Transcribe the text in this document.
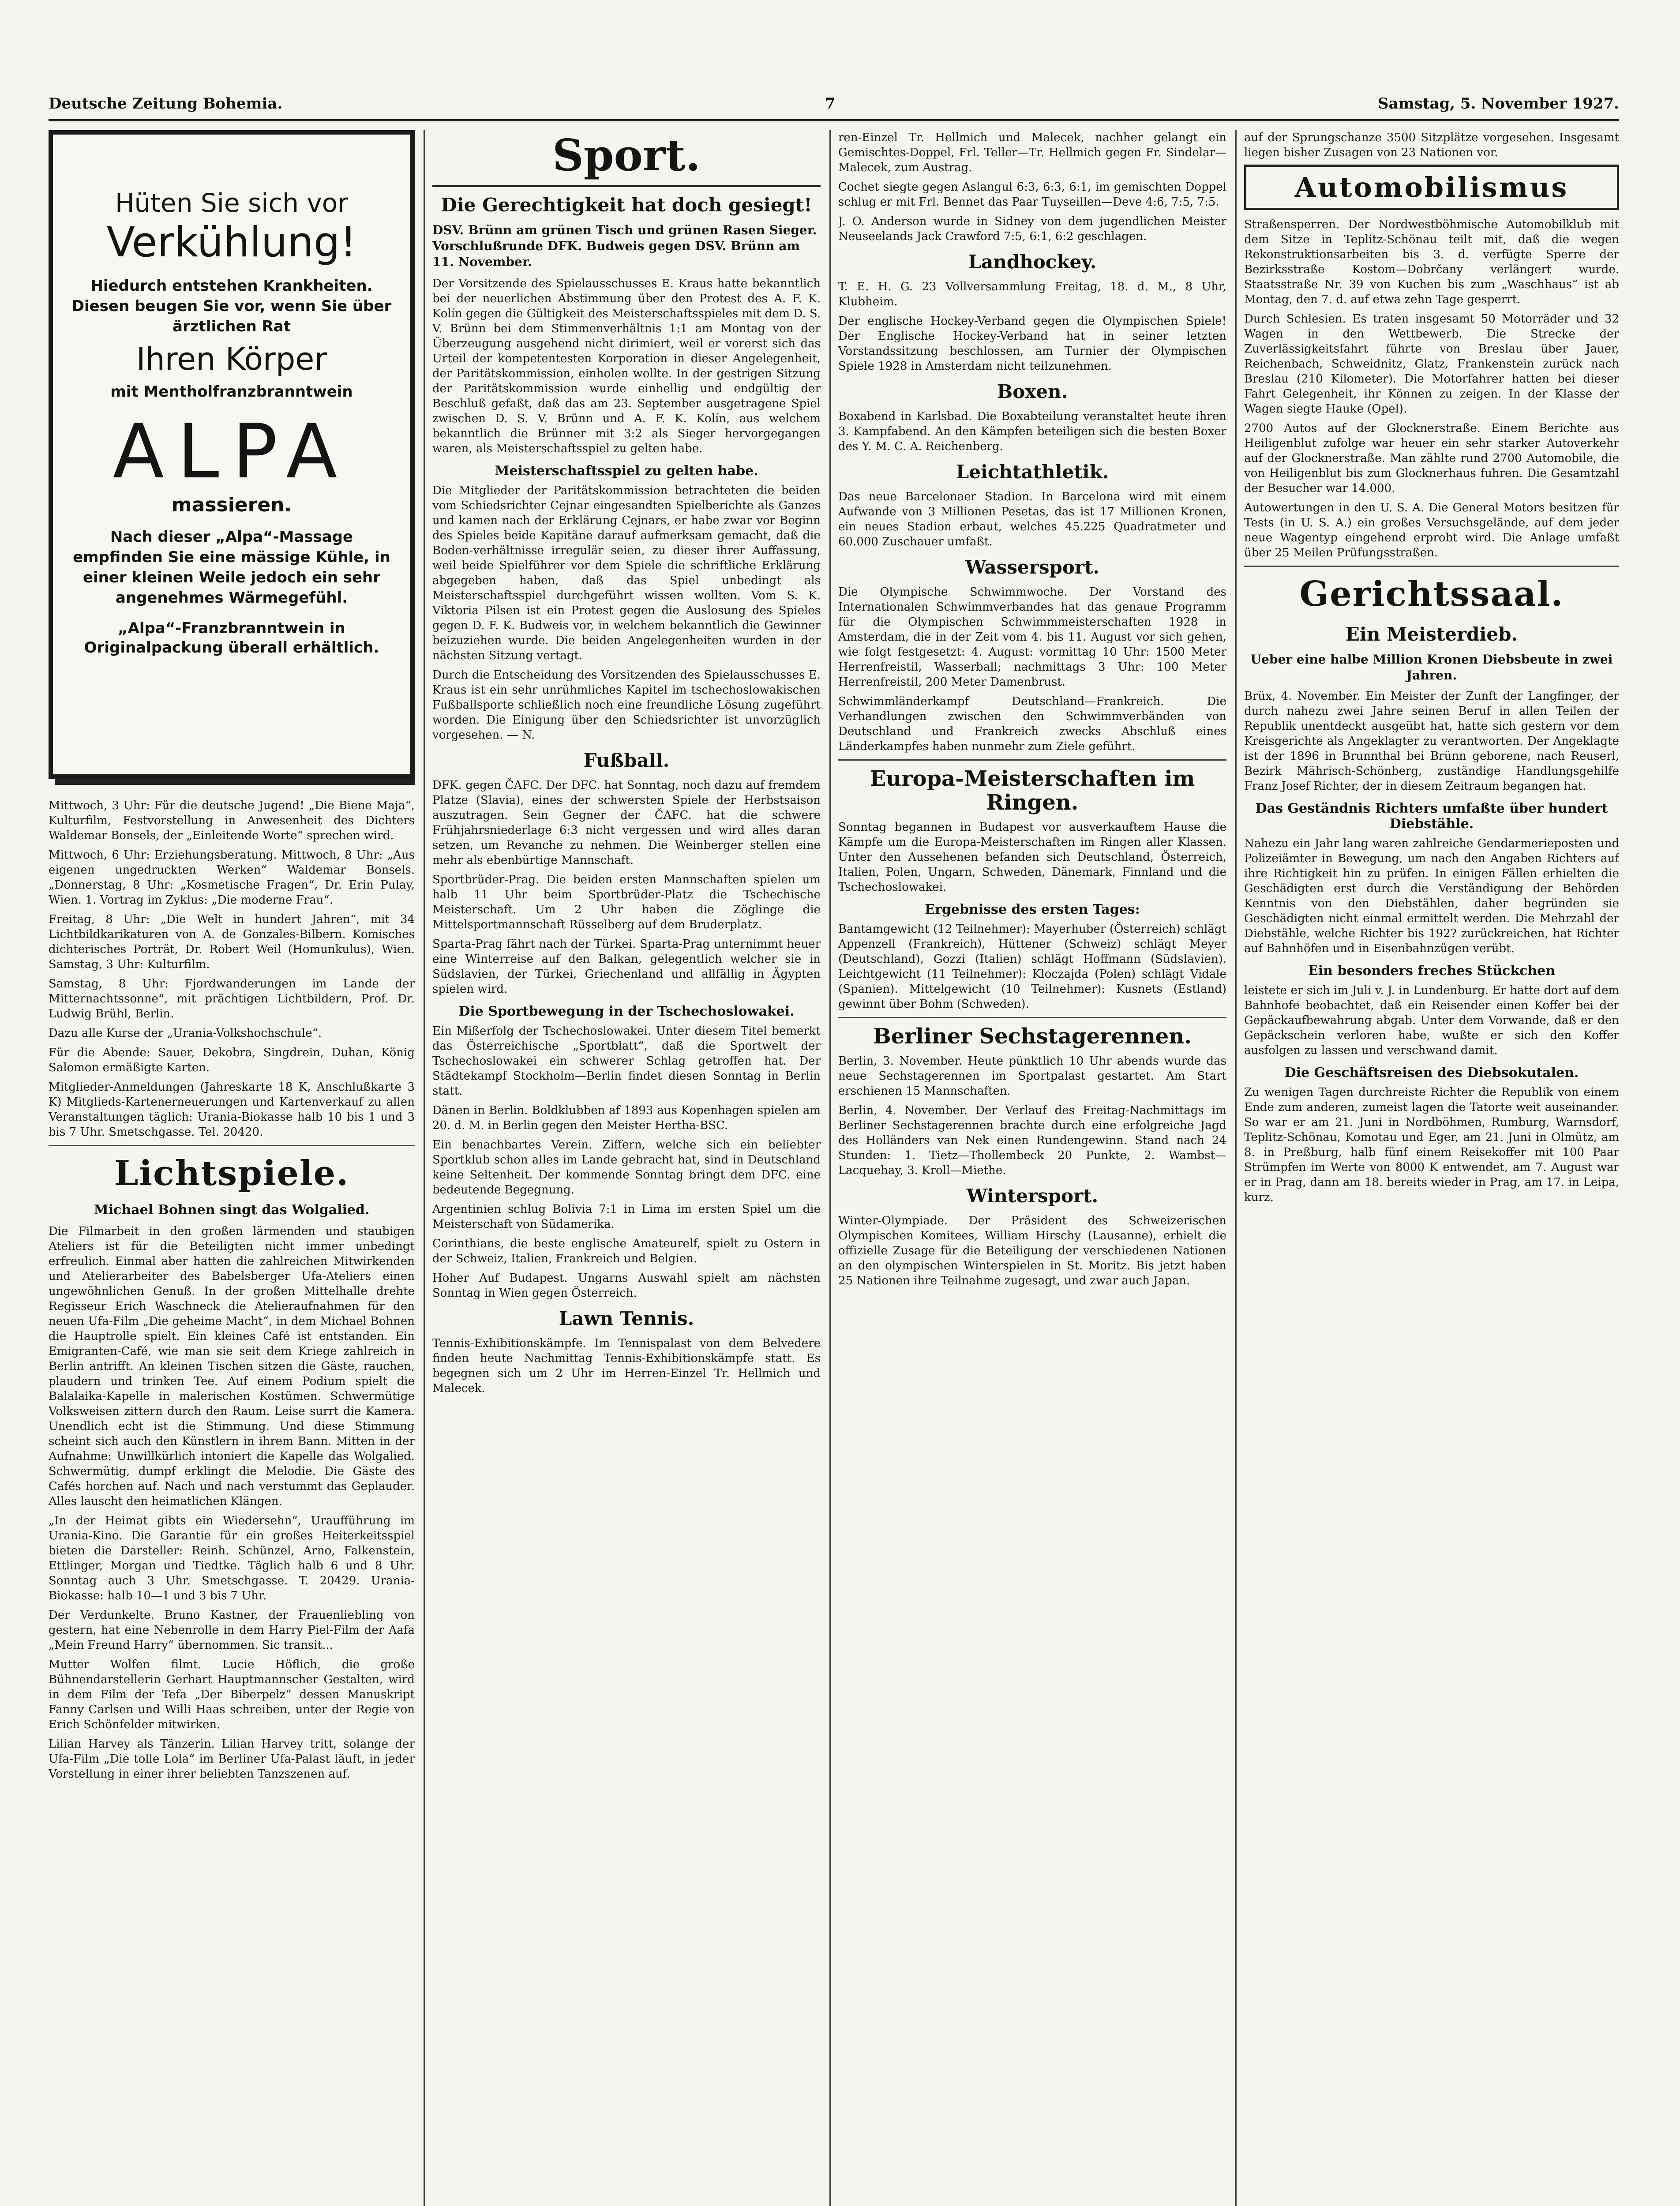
Deutsche Zeitung Bohemia.	7	Samstag, 5. November 1927.
Hüten Sie sich vor
Verkühlung!
Hiedurch entstehen Krankheiten. Diesen beugen Sie vor, wenn Sie über ärztlichen Rat
Ihren Körper
mit Mentholfranzbranntwein
ALPA
massieren.
Nach dieser „Alpa“-Massage empfinden Sie eine mässige Kühle, in einer kleinen Weile jedoch ein sehr angenehmes Wärmegefühl.
„Alpa“-Franzbranntwein in Originalpackung überall erhältlich.

Mittwoch, 3 Uhr: Für die deutsche Jugend! „Die Biene Maja“, Kulturfilm, Festvorstellung in Anwesenheit des Dichters Waldemar Bonsels, der „Einleitende Worte“ sprechen wird.

Mittwoch, 6 Uhr: Erziehungsberatung. Mittwoch, 8 Uhr: „Aus eigenen ungedruckten Werken“ Waldemar Bonsels. „Donnerstag, 8 Uhr: „Kosmetische Fragen“, Dr. Erin Pulay, Wien. 1. Vortrag im Zyklus: „Die moderne Frau“.

Freitag, 8 Uhr: „Die Welt in hundert Jahren“, mit 34 Lichtbildkarikaturen von A. de Gonzales-Bilbern. Komisches dichterisches Porträt, Dr. Robert Weil (Homunkulus), Wien. Samstag, 3 Uhr: Kulturfilm.

Samstag, 8 Uhr: Fjordwanderungen im Lande der Mitternachtssonne“, mit prächtigen Lichtbildern, Prof. Dr. Ludwig Brühl, Berlin.

Dazu alle Kurse der „Urania-Volkshochschule“.

Für die Abende: Sauer, Dekobra, Singdrein, Duhan, König Salomon ermäßigte Karten.

Mitglieder-Anmeldungen (Jahreskarte 18 K, Anschlußkarte 3 K) Mitglieds-Kartenerneuerungen und Kartenverkauf zu allen Veranstaltungen täglich: Urania-Biokasse halb 10 bis 1 und 3 bis 7 Uhr. Smetschgasse. Tel. 20420.

Lichtspiele.
Michael Bohnen singt das Wolgalied.

Die Filmarbeit in den großen lärmenden und staubigen Ateliers ist für die Beteiligten nicht immer unbedingt erfreulich. Einmal aber hatten die zahlreichen Mitwirkenden und Atelierarbeiter des Babelsberger Ufa-Ateliers einen ungewöhnlichen Genuß. In der großen Mittelhalle drehte Regisseur Erich Waschneck die Atelieraufnahmen für den neuen Ufa-Film „Die geheime Macht“, in dem Michael Bohnen die Hauptrolle spielt. Ein kleines Café ist entstanden. Ein Emigranten-Café, wie man sie seit dem Kriege zahlreich in Berlin antrifft. An kleinen Tischen sitzen die Gäste, rauchen, plaudern und trinken Tee. Auf einem Podium spielt die Balalaika-Kapelle in malerischen Kostümen. Schwermütige Volksweisen zittern durch den Raum. Leise surrt die Kamera. Unendlich echt ist die Stimmung. Und diese Stimmung scheint sich auch den Künstlern in ihrem Bann. Mitten in der Aufnahme: Unwillkürlich intoniert die Kapelle das Wolgalied. Schwermütig, dumpf erklingt die Melodie. Die Gäste des Cafés horchen auf. Nach und nach verstummt das Geplauder. Alles lauscht den heimatlichen Klängen.

„In der Heimat gibts ein Wiedersehn“, Uraufführung im Urania-Kino. Die Garantie für ein großes Heiterkeitsspiel bieten die Darsteller: Reinh. Schünzel, Arno, Falkenstein, Ettlinger, Morgan und Tiedtke. Täglich halb 6 und 8 Uhr. Sonntag auch 3 Uhr. Smetschgasse. T. 20429. Urania-Biokasse: halb 10—1 und 3 bis 7 Uhr.

Der Verdunkelte. Bruno Kastner, der Frauenliebling von gestern, hat eine Nebenrolle in dem Harry Piel-Film der Aafa „Mein Freund Harry“ übernommen. Sic transit...

Mutter Wolfen filmt. Lucie Höflich, die große Bühnendarstellerin Gerhart Hauptmannscher Gestalten, wird in dem Film der Tefa „Der Biberpelz“ dessen Manuskript Fanny Carlsen und Willi Haas schreiben, unter der Regie von Erich Schönfelder mitwirken.

Lilian Harvey als Tänzerin. Lilian Harvey tritt, solange der Ufa-Film „Die tolle Lola“ im Berliner Ufa-Palast läuft, in jeder Vorstellung in einer ihrer beliebten Tanzszenen auf.

Sport.
Die Gerechtigkeit hat doch gesiegt!
DSV. Brünn am grünen Tisch und grünen Rasen Sieger. Vorschlußrunde DFK. Budweis gegen DSV. Brünn am 11. November.

Der Vorsitzende des Spielausschusses E. Kraus hatte bekanntlich bei der neuerlichen Abstimmung über den Protest des A. F. K. Kolín gegen die Gültigkeit des Meisterschaftsspieles mit dem D. S. V. Brünn bei dem Stimmenverhältnis 1:1 am Montag von der Überzeugung ausgehend nicht dirimiert, weil er vorerst sich das Urteil der kompetentesten Korporation in dieser Angelegenheit, der Paritätskommission, einholen wollte. In der gestrigen Sitzung der Paritätskommission wurde einhellig und endgültig der Beschluß gefaßt, daß das am 23. September ausgetragene Spiel zwischen D. S. V. Brünn und A. F. K. Kolín, aus welchem bekanntlich die Brünner mit 3:2 als Sieger hervorgegangen waren, als Meisterschaftsspiel zu gelten habe.

Meisterschaftsspiel zu gelten habe.

Die Mitglieder der Paritätskommission betrachteten die beiden vom Schiedsrichter Cejnar eingesandten Spielberichte als Ganzes und kamen nach der Erklärung Cejnars, er habe zwar vor Beginn des Spieles beide Kapitäne darauf aufmerksam gemacht, daß die Boden-verhältnisse irregulär seien, zu dieser ihrer Auffassung, weil beide Spielführer vor dem Spiele die schriftliche Erklärung abgegeben haben, daß das Spiel unbedingt als Meisterschaftsspiel durchgeführt wissen wollten. Vom S. K. Viktoria Pilsen ist ein Protest gegen die Auslosung des Spieles gegen D. F. K. Budweis vor, in welchem bekanntlich die Gewinner beizuziehen wurde. Die beiden Angelegenheiten wurden in der nächsten Sitzung vertagt.

Durch die Entscheidung des Vorsitzenden des Spielausschusses E. Kraus ist ein sehr unrühmliches Kapitel im tschechoslowakischen Fußballsporte schließlich noch eine freundliche Lösung zugeführt worden. Die Einigung über den Schiedsrichter ist unvorzüglich vorgesehen. — N.

Fußball.

DFK. gegen ČAFC. Der DFC. hat Sonntag, noch dazu auf fremdem Platze (Slavia), eines der schwersten Spiele der Herbstsaison auszutragen. Sein Gegner der ČAFC. hat die schwere Frühjahrsniederlage 6:3 nicht vergessen und wird alles daran setzen, um Revanche zu nehmen. Die Weinberger stellen eine mehr als ebenbürtige Mannschaft.

Sportbrüder-Prag. Die beiden ersten Mannschaften spielen um halb 11 Uhr beim Sportbrüder-Platz die Tschechische Meisterschaft. Um 2 Uhr haben die Zöglinge die Mittelsportmannschaft Rüsselberg auf dem Bruderplatz.

Sparta-Prag fährt nach der Türkei. Sparta-Prag unternimmt heuer eine Winterreise auf den Balkan, gelegentlich welcher sie in Südslavien, der Türkei, Griechenland und allfällig in Ägypten spielen wird.

Die Sportbewegung in der Tschechoslowakei.

Ein Mißerfolg der Tschechoslowakei. Unter diesem Titel bemerkt das Österreichische „Sportblatt“, daß die Sportwelt der Tschechoslowakei ein schwerer Schlag getroffen hat. Der Städtekampf Stockholm—Berlin findet diesen Sonntag in Berlin statt.

Dänen in Berlin. Boldklubben af 1893 aus Kopenhagen spielen am 20. d. M. in Berlin gegen den Meister Hertha-BSC.

Ein benachbartes Verein. Ziffern, welche sich ein beliebter Sportklub schon alles im Lande gebracht hat, sind in Deutschland keine Seltenheit. Der kommende Sonntag bringt dem DFC. eine bedeutende Begegnung.

Argentinien schlug Bolivia 7:1 in Lima im ersten Spiel um die Meisterschaft von Südamerika.

Corinthians, die beste englische Amateurelf, spielt zu Ostern in der Schweiz, Italien, Frankreich und Belgien.

Hoher Auf Budapest. Ungarns Auswahl spielt am nächsten Sonntag in Wien gegen Österreich.

Lawn Tennis.

Tennis-Exhibitionskämpfe. Im Tennispalast von dem Belvedere finden heute Nachmittag Tennis-Exhibitionskämpfe statt. Es begegnen sich um 2 Uhr im Herren-Einzel Tr. Hellmich und Malecek.

ren-Einzel Tr. Hellmich und Malecek, nachher gelangt ein Gemischtes-Doppel, Frl. Teller—Tr. Hellmich gegen Fr. Sindelar—Malecek, zum Austrag.

Cochet siegte gegen Aslangul 6:3, 6:3, 6:1, im gemischten Doppel schlug er mit Frl. Bennet das Paar Tuyseillen—Deve 4:6, 7:5, 7:5.

J. O. Anderson wurde in Sidney von dem jugendlichen Meister Neuseelands Jack Crawford 7:5, 6:1, 6:2 geschlagen.

Landhockey.

T. E. H. G. 23 Vollversammlung Freitag, 18. d. M., 8 Uhr, Klubheim.

Der englische Hockey-Verband gegen die Olympischen Spiele! Der Englische Hockey-Verband hat in seiner letzten Vorstandssitzung beschlossen, am Turnier der Olympischen Spiele 1928 in Amsterdam nicht teilzunehmen.

Boxen.

Boxabend in Karlsbad. Die Boxabteilung veranstaltet heute ihren 3. Kampfabend. An den Kämpfen beteiligen sich die besten Boxer des Y. M. C. A. Reichenberg.

Leichtathletik.

Das neue Barcelonaer Stadion. In Barcelona wird mit einem Aufwande von 3 Millionen Pesetas, das ist 17 Millionen Kronen, ein neues Stadion erbaut, welches 45.225 Quadratmeter und 60.000 Zuschauer umfaßt.

Wassersport.

Die Olympische Schwimmwoche. Der Vorstand des Internationalen Schwimmverbandes hat das genaue Programm für die Olympischen Schwimmmeisterschaften 1928 in Amsterdam, die in der Zeit vom 4. bis 11. August vor sich gehen, wie folgt festgesetzt: 4. August: vormittag 10 Uhr: 1500 Meter Herrenfreistil, Wasserball; nachmittags 3 Uhr: 100 Meter Herrenfreistil, 200 Meter Damenbrust.

Schwimmländerkampf Deutschland—Frankreich. Die Verhandlungen zwischen den Schwimmverbänden von Deutschland und Frankreich zwecks Abschluß eines Länderkampfes haben nunmehr zum Ziele geführt.

Europa-Meisterschaften im Ringen.

Sonntag begannen in Budapest vor ausverkauftem Hause die Kämpfe um die Europa-Meisterschaften im Ringen aller Klassen. Unter den Aussehenen befanden sich Deutschland, Österreich, Italien, Polen, Ungarn, Schweden, Dänemark, Finnland und die Tschechoslowakei.

Ergebnisse des ersten Tages:

Bantamgewicht (12 Teilnehmer): Mayerhuber (Österreich) schlägt Appenzell (Frankreich), Hüttener (Schweiz) schlägt Meyer (Deutschland), Gozzi (Italien) schlägt Hoffmann (Südslavien). Leichtgewicht (11 Teilnehmer): Kloczajda (Polen) schlägt Vidale (Spanien). Mittelgewicht (10 Teilnehmer): Kusnets (Estland) gewinnt über Bohm (Schweden).

Berliner Sechstagerennen.

Berlin, 3. November. Heute pünktlich 10 Uhr abends wurde das neue Sechstagerennen im Sportpalast gestartet. Am Start erschienen 15 Mannschaften.

Berlin, 4. November. Der Verlauf des Freitag-Nachmittags im Berliner Sechstagerennen brachte durch eine erfolgreiche Jagd des Holländers van Nek einen Rundengewinn. Stand nach 24 Stunden: 1. Tietz—Thollembeck 20 Punkte, 2. Wambst—Lacquehay, 3. Kroll—Miethe.

Wintersport.

Winter-Olympiade. Der Präsident des Schweizerischen Olympischen Komitees, William Hirschy (Lausanne), erhielt die offizielle Zusage für die Beteiligung der verschiedenen Nationen an den olympischen Winterspielen in St. Moritz. Bis jetzt haben 25 Nationen ihre Teilnahme zugesagt, und zwar auch Japan.

auf der Sprungschanze 3500 Sitzplätze vorgesehen. Insgesamt liegen bisher Zusagen von 23 Nationen vor.

Automobilismus

Straßensperren. Der Nordwestböhmische Automobilklub mit dem Sitze in Teplitz-Schönau teilt mit, daß die wegen Rekonstruktionsarbeiten bis 3. d. verfügte Sperre der Bezirksstraße Kostom—Dobrčany verlängert wurde. Staatsstraße Nr. 39 von Kuchen bis zum „Waschhaus“ ist ab Montag, den 7. d. auf etwa zehn Tage gesperrt.

Durch Schlesien. Es traten insgesamt 50 Motorräder und 32 Wagen in den Wettbewerb. Die Strecke der Zuverlässigkeitsfahrt führte von Breslau über Jauer, Reichenbach, Schweidnitz, Glatz, Frankenstein zurück nach Breslau (210 Kilometer). Die Motorfahrer hatten bei dieser Fahrt Gelegenheit, ihr Können zu zeigen. In der Klasse der Wagen siegte Hauke (Opel).

2700 Autos auf der Glocknerstraße. Einem Berichte aus Heiligenblut zufolge war heuer ein sehr starker Autoverkehr auf der Glocknerstraße. Man zählte rund 2700 Automobile, die von Heiligenblut bis zum Glocknerhaus fuhren. Die Gesamtzahl der Besucher war 14.000.

Autowertungen in den U. S. A. Die General Motors besitzen für Tests (in U. S. A.) ein großes Versuchsgelände, auf dem jeder neue Wagentyp eingehend erprobt wird. Die Anlage umfaßt über 25 Meilen Prüfungsstraßen.

Gerichtssaal.
Ein Meisterdieb.
Ueber eine halbe Million Kronen Diebsbeute in zwei Jahren.

Brüx, 4. November. Ein Meister der Zunft der Langfinger, der durch nahezu zwei Jahre seinen Beruf in allen Teilen der Republik unentdeckt ausgeübt hat, hatte sich gestern vor dem Kreisgerichte als Angeklagter zu verantworten. Der Angeklagte ist der 1896 in Brunnthal bei Brünn geborene, nach Reuserl, Bezirk Mährisch-Schönberg, zuständige Handlungsgehilfe Franz Josef Richter, der in diesem Zeitraum begangen hat.

Das Geständnis Richters umfaßte über hundert Diebstähle.

Nahezu ein Jahr lang waren zahlreiche Gendarmerieposten und Polizeiämter in Bewegung, um nach den Angaben Richters auf ihre Richtigkeit hin zu prüfen. In einigen Fällen erhielten die Geschädigten erst durch die Verständigung der Behörden Kenntnis von den Diebstählen, daher begründen sie Geschädigten nicht einmal ermittelt werden. Die Mehrzahl der Diebstähle, welche Richter bis 192? zurückreichen, hat Richter auf Bahnhöfen und in Eisenbahnzügen verübt.

Ein besonders freches Stückchen

leistete er sich im Juli v. J. in Lundenburg. Er hatte dort auf dem Bahnhofe beobachtet, daß ein Reisender einen Koffer bei der Gepäckaufbewahrung abgab. Unter dem Vorwande, daß er den Gepäckschein verloren habe, wußte er sich den Koffer ausfolgen zu lassen und verschwand damit.

Die Geschäftsreisen des Diebsokutalen.

Zu wenigen Tagen durchreiste Richter die Republik von einem Ende zum anderen, zumeist lagen die Tatorte weit auseinander. So war er am 21. Juni in Nordböhmen, Rumburg, Warnsdorf, Teplitz-Schönau, Komotau und Eger, am 21. Juni in Olmütz, am 8. in Preßburg, halb fünf einem Reisekoffer mit 100 Paar Strümpfen im Werte von 8000 K entwendet, am 7. August war er in Prag, dann am 18. bereits wieder in Prag, am 17. in Leipa, kurz.
